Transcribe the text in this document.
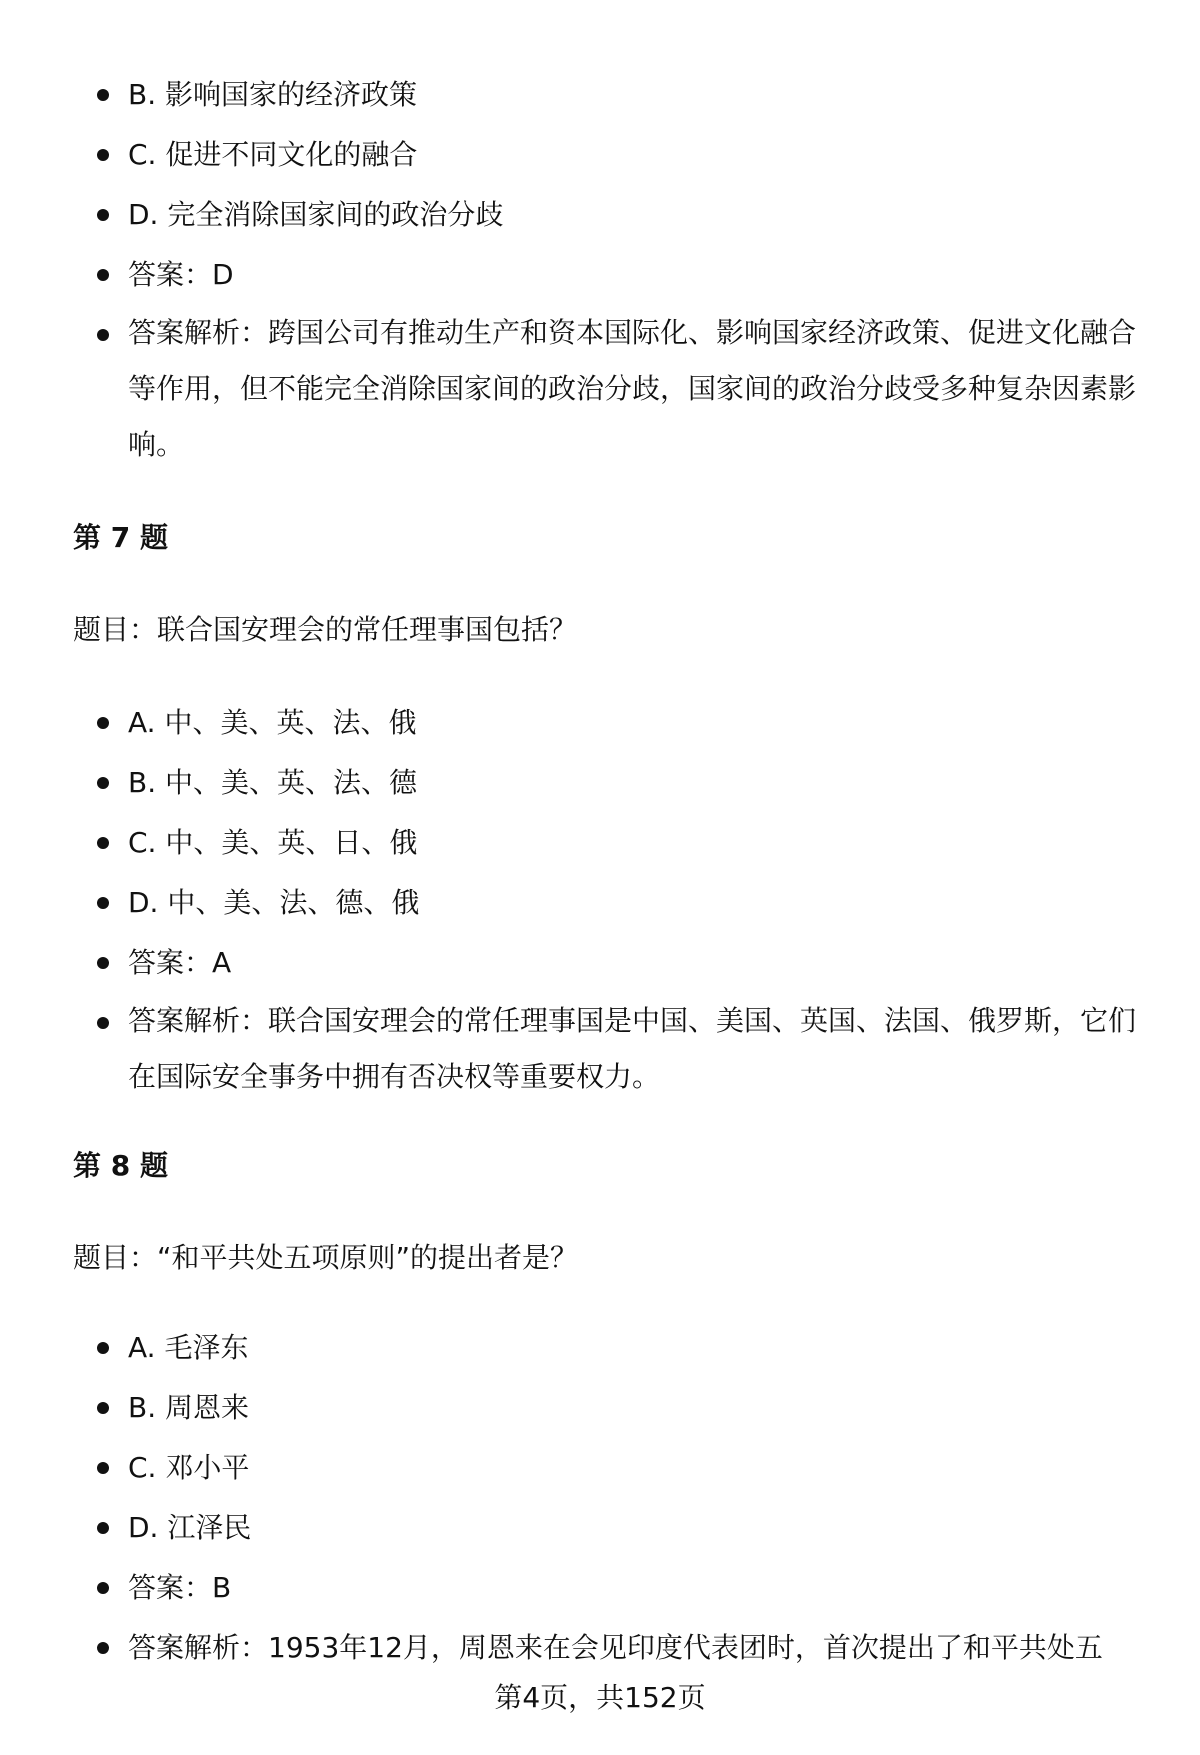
B. 影响国家的经济政策
C. 促进不同文化的融合
D. 完全消除国家间的政治分歧
答案：D
答案解析：跨国公司有推动生产和资本国际化、影响国家经济政策、促进文化融合等作用，但不能完全消除国家间的政治分歧，国家间的政治分歧受多种复杂因素影响。
第 7 题
题目：联合国安理会的常任理事国包括？
A. 中、美、英、法、俄
B. 中、美、英、法、德
C. 中、美、英、日、俄
D. 中、美、法、德、俄
答案：A
答案解析：联合国安理会的常任理事国是中国、美国、英国、法国、俄罗斯，它们在国际安全事务中拥有否决权等重要权力。
第 8 题
题目：“和平共处五项原则”的提出者是？
A. 毛泽东
B. 周恩来
C. 邓小平
D. 江泽民
答案：B
答案解析：1953年12月，周恩来在会见印度代表团时，首次提出了和平共处五
第4页，共152页
